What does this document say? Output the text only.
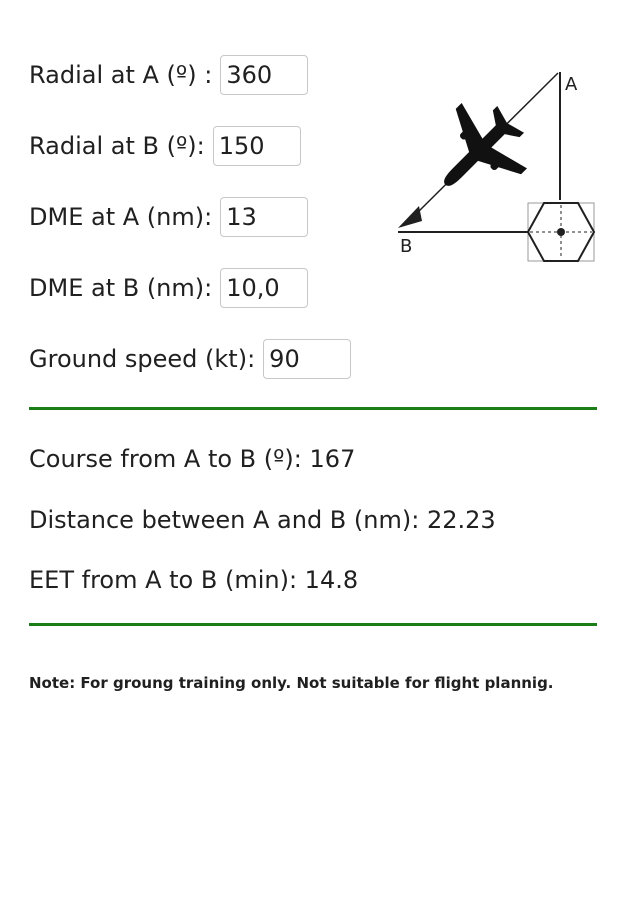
Radial at A (º) :
360
Radial at B (º):
150
DME at A (nm):
13
DME at B (nm):
10,0
Ground speed (kt):
90
A
B
Course from A to B (º): 167
Distance between A and B (nm): 22.23
EET from A to B (min): 14.8
Note: For groung training only. Not suitable for flight plannig.
